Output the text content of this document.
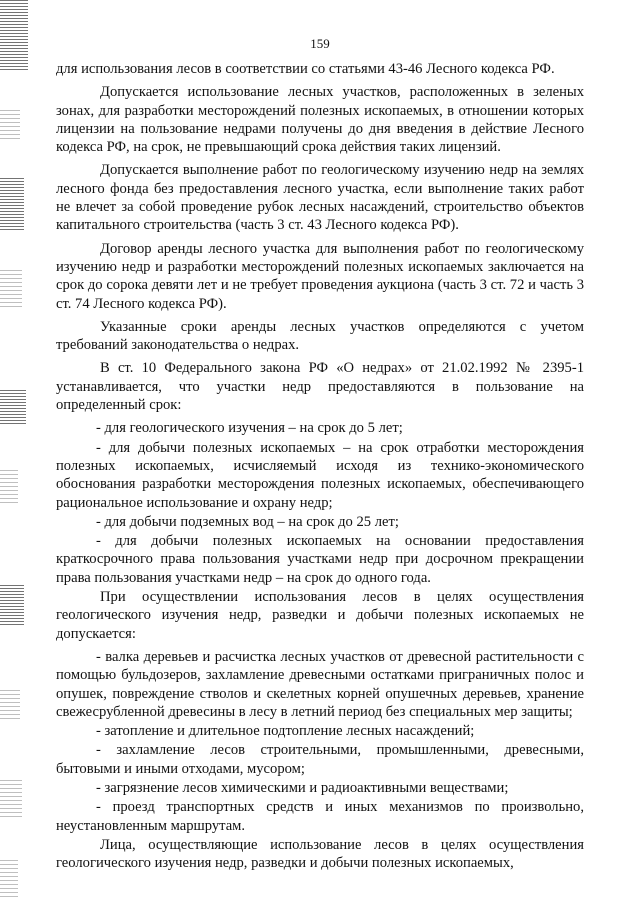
159

для использования лесов в соответствии со статьями 43-46 Лесного кодекса РФ.

Допускается использование лесных участков, расположенных в зеленых зонах, для разработки месторождений полезных ископаемых, в отношении которых лицензии на пользование недрами получены до дня введения в действие Лесного кодекса РФ, на срок, не превышающий срока действия таких лицензий.

Допускается выполнение работ по геологическому изучению недр на землях лесного фонда без предоставления лесного участка, если выполнение таких работ не влечет за собой проведение рубок лесных насаждений, строительство объектов капитального строительства (часть 3 ст. 43 Лесного кодекса РФ).

Договор аренды лесного участка для выполнения работ по геологическому изучению недр и разработки месторождений полезных ископаемых заключается на срок до сорока девяти лет и не требует проведения аукциона (часть 3 ст. 72 и часть 3 ст. 74 Лесного кодекса РФ).

Указанные сроки аренды лесных участков определяются с учетом требований законодательства о недрах.

В ст. 10 Федерального закона РФ «О недрах» от 21.02.1992 № 2395-1 устанавливается, что участки недр предоставляются в пользование на определенный срок:

- для геологического изучения – на срок до 5 лет;

- для добычи полезных ископаемых – на срок отработки месторождения полезных ископаемых, исчисляемый исходя из технико-экономического обоснования разработки месторождения полезных ископаемых, обеспечивающего рациональное использование и охрану недр;

- для добычи подземных вод – на срок до 25 лет;

- для добычи полезных ископаемых на основании предоставления краткосрочного права пользования участками недр при досрочном прекращении права пользования участками недр – на срок до одного года.

При осуществлении использования лесов в целях осуществления геологического изучения недр, разведки и добычи полезных ископаемых не допускается:

- валка деревьев и расчистка лесных участков от древесной растительности с помощью бульдозеров, захламление древесными остатками приграничных полос и опушек, повреждение стволов и скелетных корней опушечных деревьев, хранение свежесрубленной древесины в лесу в летний период без специальных мер защиты;

- затопление и длительное подтопление лесных насаждений;

- захламление лесов строительными, промышленными, древесными, бытовыми и иными отходами, мусором;

- загрязнение лесов химическими и радиоактивными веществами;

- проезд транспортных средств и иных механизмов по произвольно, неустановленным маршрутам.

Лица, осуществляющие использование лесов в целях осуществления геологического изучения недр, разведки и добычи полезных ископаемых,
